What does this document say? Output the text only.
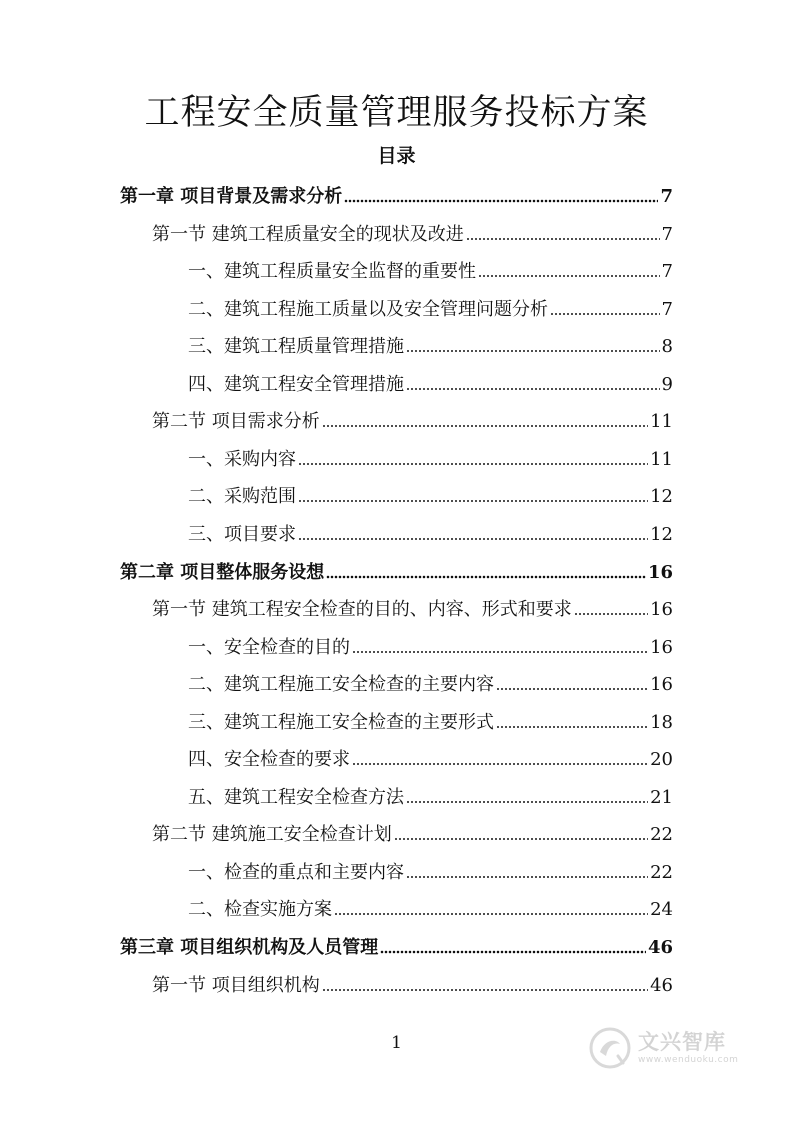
工程安全质量管理服务投标方案
目录
第一章 项目背景及需求分析	7
第一节 建筑工程质量安全的现状及改进	7
一、建筑工程质量安全监督的重要性	7
二、建筑工程施工质量以及安全管理问题分析	7
三、建筑工程质量管理措施	8
四、建筑工程安全管理措施	9
第二节 项目需求分析	11
一、采购内容	11
二、采购范围	12
三、项目要求	12
第二章 项目整体服务设想	16
第一节 建筑工程安全检查的目的、内容、形式和要求	16
一、安全检查的目的	16
二、建筑工程施工安全检查的主要内容	16
三、建筑工程施工安全检查的主要形式	18
四、安全检查的要求	20
五、建筑工程安全检查方法	21
第二节 建筑施工安全检查计划	22
一、检查的重点和主要内容	22
二、检查实施方案	24
第三章 项目组织机构及人员管理	46
第一节 项目组织机构	46
1	文兴智库
www.wenduoku.com
